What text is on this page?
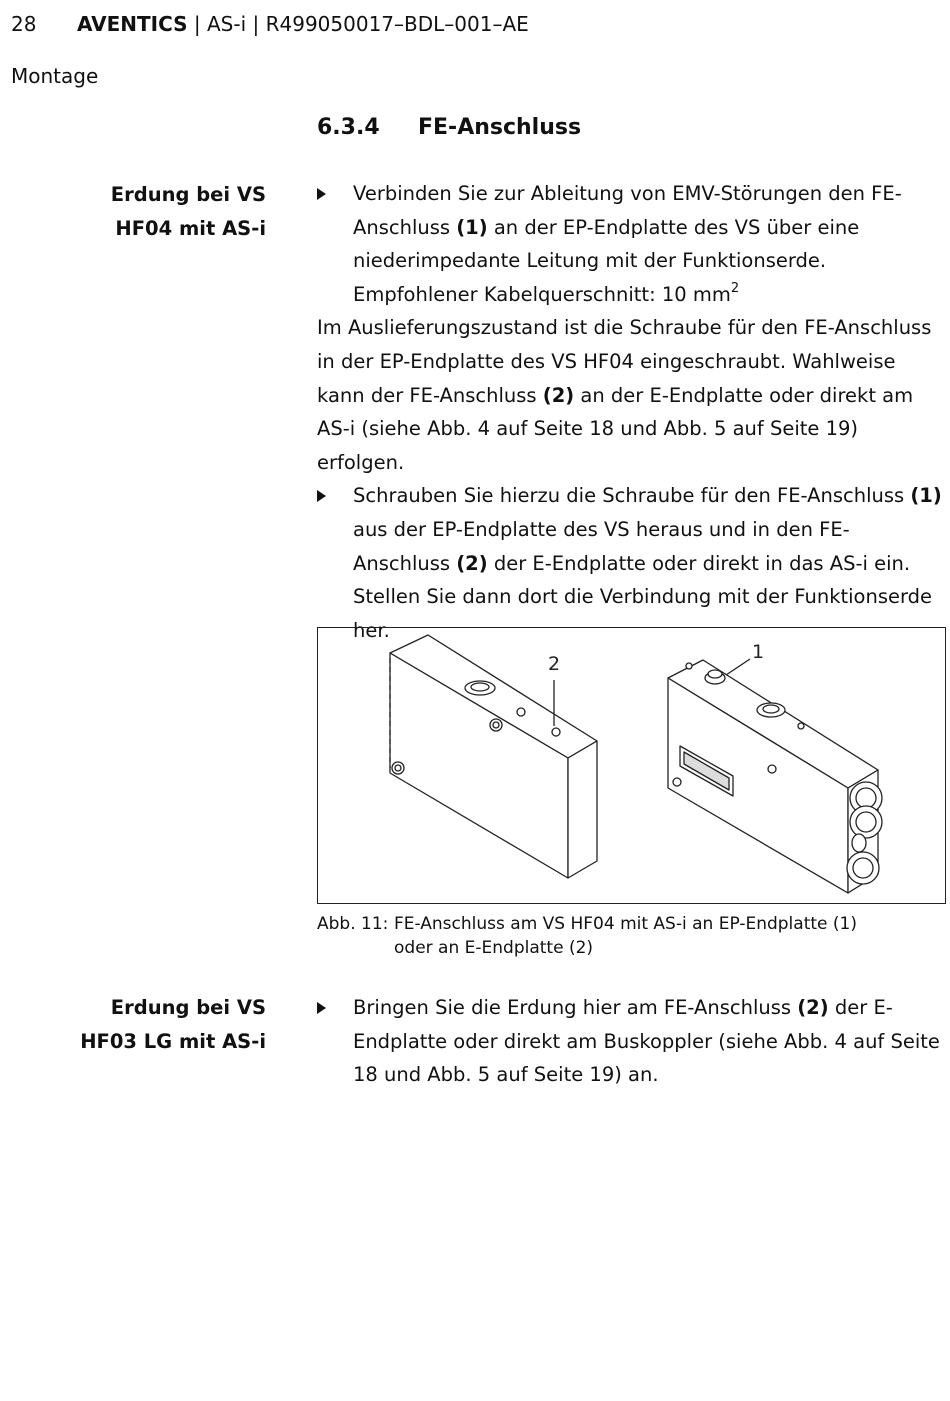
28 AVENTICS | AS-i | R499050017–BDL–001–AE
Montage
6.3.4 FE-Anschluss
Erdung bei VS
HF04 mit AS-i
Verbinden Sie zur Ableitung von EMV-Störungen den FE-Anschluss (1) an der EP-Endplatte des VS über eine niederimpedante Leitung mit der Funktionserde.
Empfohlener Kabelquerschnitt: 10 $mm^2$

Im Auslieferungszustand ist die Schraube für den FE-Anschluss in der EP-Endplatte des VS HF04 eingeschraubt. Wahlweise kann der FE-Anschluss (2) an der E-Endplatte oder direkt am AS-i (siehe Abb. 4 auf Seite 18 und Abb. 5 auf Seite 19) erfolgen.

Schrauben Sie hierzu die Schraube für den FE-Anschluss (1) aus der EP-Endplatte des VS heraus und in den FE-Anschluss (2) der E-Endplatte oder direkt in das AS-i ein. Stellen Sie dann dort die Verbindung mit der Funktionserde her.
2
1
Abb. 11: FE-Anschluss am VS HF04 mit AS-i an EP-Endplatte (1)
oder an E-Endplatte (2)
Erdung bei VS
HF03 LG mit AS-i
Bringen Sie die Erdung hier am FE-Anschluss (2) der E-Endplatte oder direkt am Buskoppler (siehe Abb. 4 auf Seite 18 und Abb. 5 auf Seite 19) an.
